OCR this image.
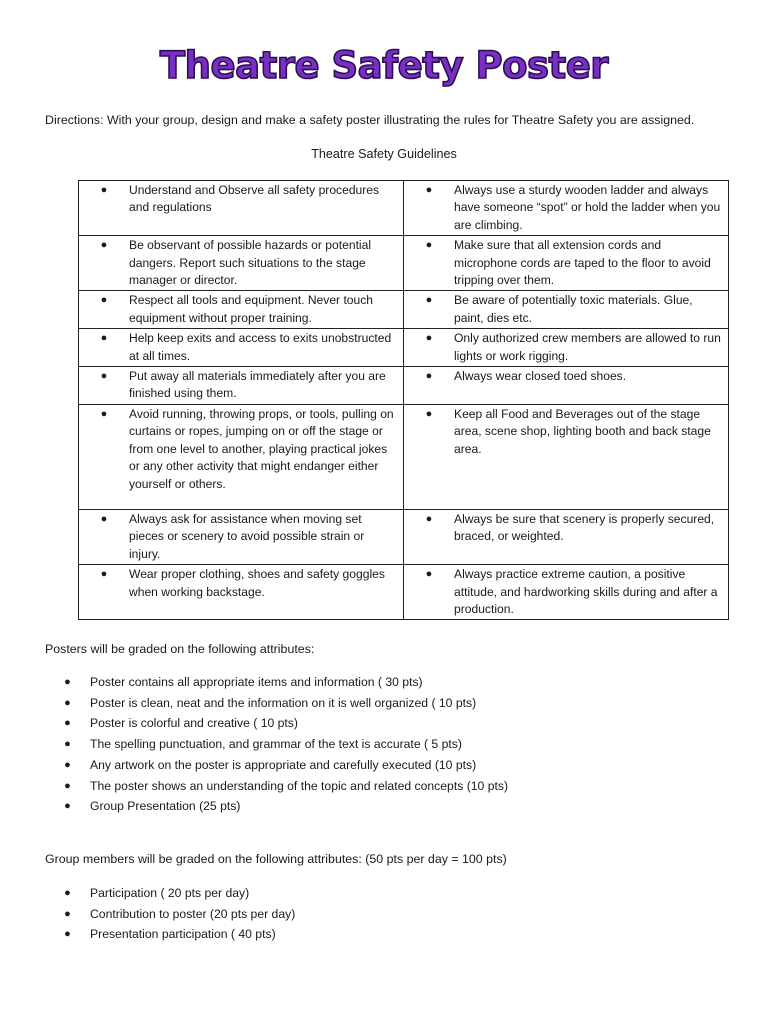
Theatre Safety Poster
Directions: With your group, design and make a safety poster illustrating the rules for Theatre Safety you are assigned.
Theatre Safety Guidelines
● Understand and Observe all safety procedures and regulations	● Always use a sturdy wooden ladder and always have someone “spot” or hold the ladder when you are climbing.

● Be observant of possible hazards or potential dangers. Report such situations to the stage manager or director.	● Make sure that all extension cords and microphone cords are taped to the floor to avoid tripping over them.

● Respect all tools and equipment. Never touch equipment without proper training.	● Be aware of potentially toxic materials. Glue, paint, dies etc.

● Help keep exits and access to exits unobstructed at all times.	● Only authorized crew members are allowed to run lights or work rigging.

● Put away all materials immediately after you are finished using them.	● Always wear closed toed shoes.

● Avoid running, throwing props, or tools, pulling on curtains or ropes, jumping on or off the stage or from one level to another, playing practical jokes or any other activity that might endanger either yourself or others.	● Keep all Food and Beverages out of the stage area, scene shop, lighting booth and back stage area.

● Always ask for assistance when moving set pieces or scenery to avoid possible strain or injury.	● Always be sure that scenery is properly secured, braced, or weighted.

● Wear proper clothing, shoes and safety goggles when working backstage.	● Always practice extreme caution, a positive attitude, and hardworking skills during and after a production.
Posters will be graded on the following attributes:
●	Poster contains all appropriate items and information ( 30 pts)
●	Poster is clean, neat and the information on it is well organized ( 10 pts)
●	Poster is colorful and creative ( 10 pts)
●	The spelling punctuation, and grammar of the text is accurate ( 5 pts)
●	Any artwork on the poster is appropriate and carefully executed (10 pts)
●	The poster shows an understanding of the topic and related concepts (10 pts)
●	Group Presentation (25 pts)
Group members will be graded on the following attributes: (50 pts per day = 100 pts)
●	Participation ( 20 pts per day)
●	Contribution to poster (20 pts per day)
●	Presentation participation ( 40 pts)
